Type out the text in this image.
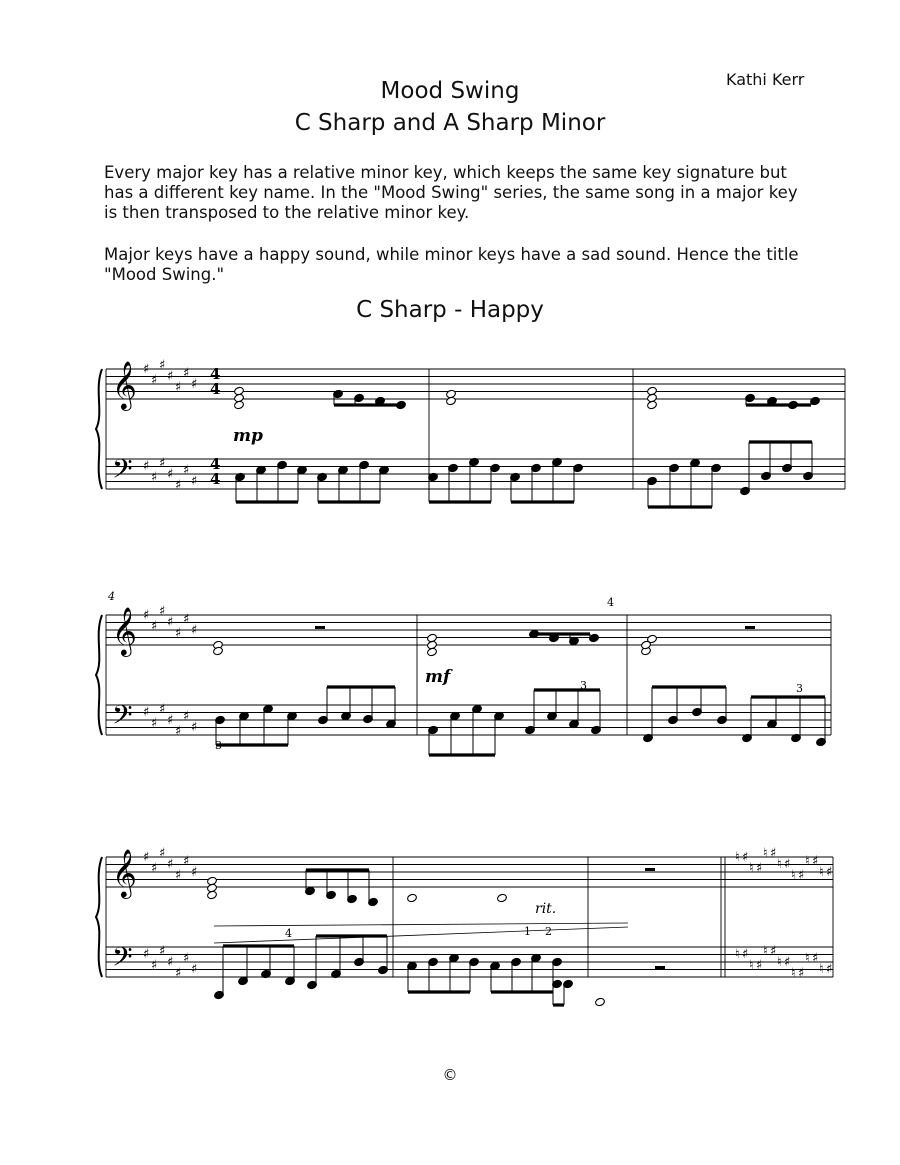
Kathi Kerr
Mood Swing
C Sharp and A Sharp Minor
Every major key has a relative minor key, which keeps the same key signature but has a different key name. In the "Mood Swing" series, the same song in a major key is then transposed to the relative minor key.
Major keys have a happy sound, while minor keys have a sad sound. Hence the title "Mood Swing."
C Sharp - Happy
𝄞
𝄢
𝄞
𝄢
𝄞
𝄢
♯
♯
♯
♯
♯
♯
♯
♯
♯
♯
♯
♯
♯
♯
♯
♯
♯
♯
♯
♯
♯
♯
♯
♯
♯
♯
♯
♯
♯
♯
♯
♯
♯
♯
♯
♯
♯
♯
♯
♯
♯
♯
♮ ♯
♮ ♯
♮ ♯
♮ ♯
♮ ♯
♮ ♯
♮ ♯
♮ ♯
♮ ♯
♮ ♯
♮ ♯
♮ ♯
♮ ♯
♮ ♯
mp
mf
rit.
4
3
3	3
3
4
4	1 2
4
4
4
4
©
